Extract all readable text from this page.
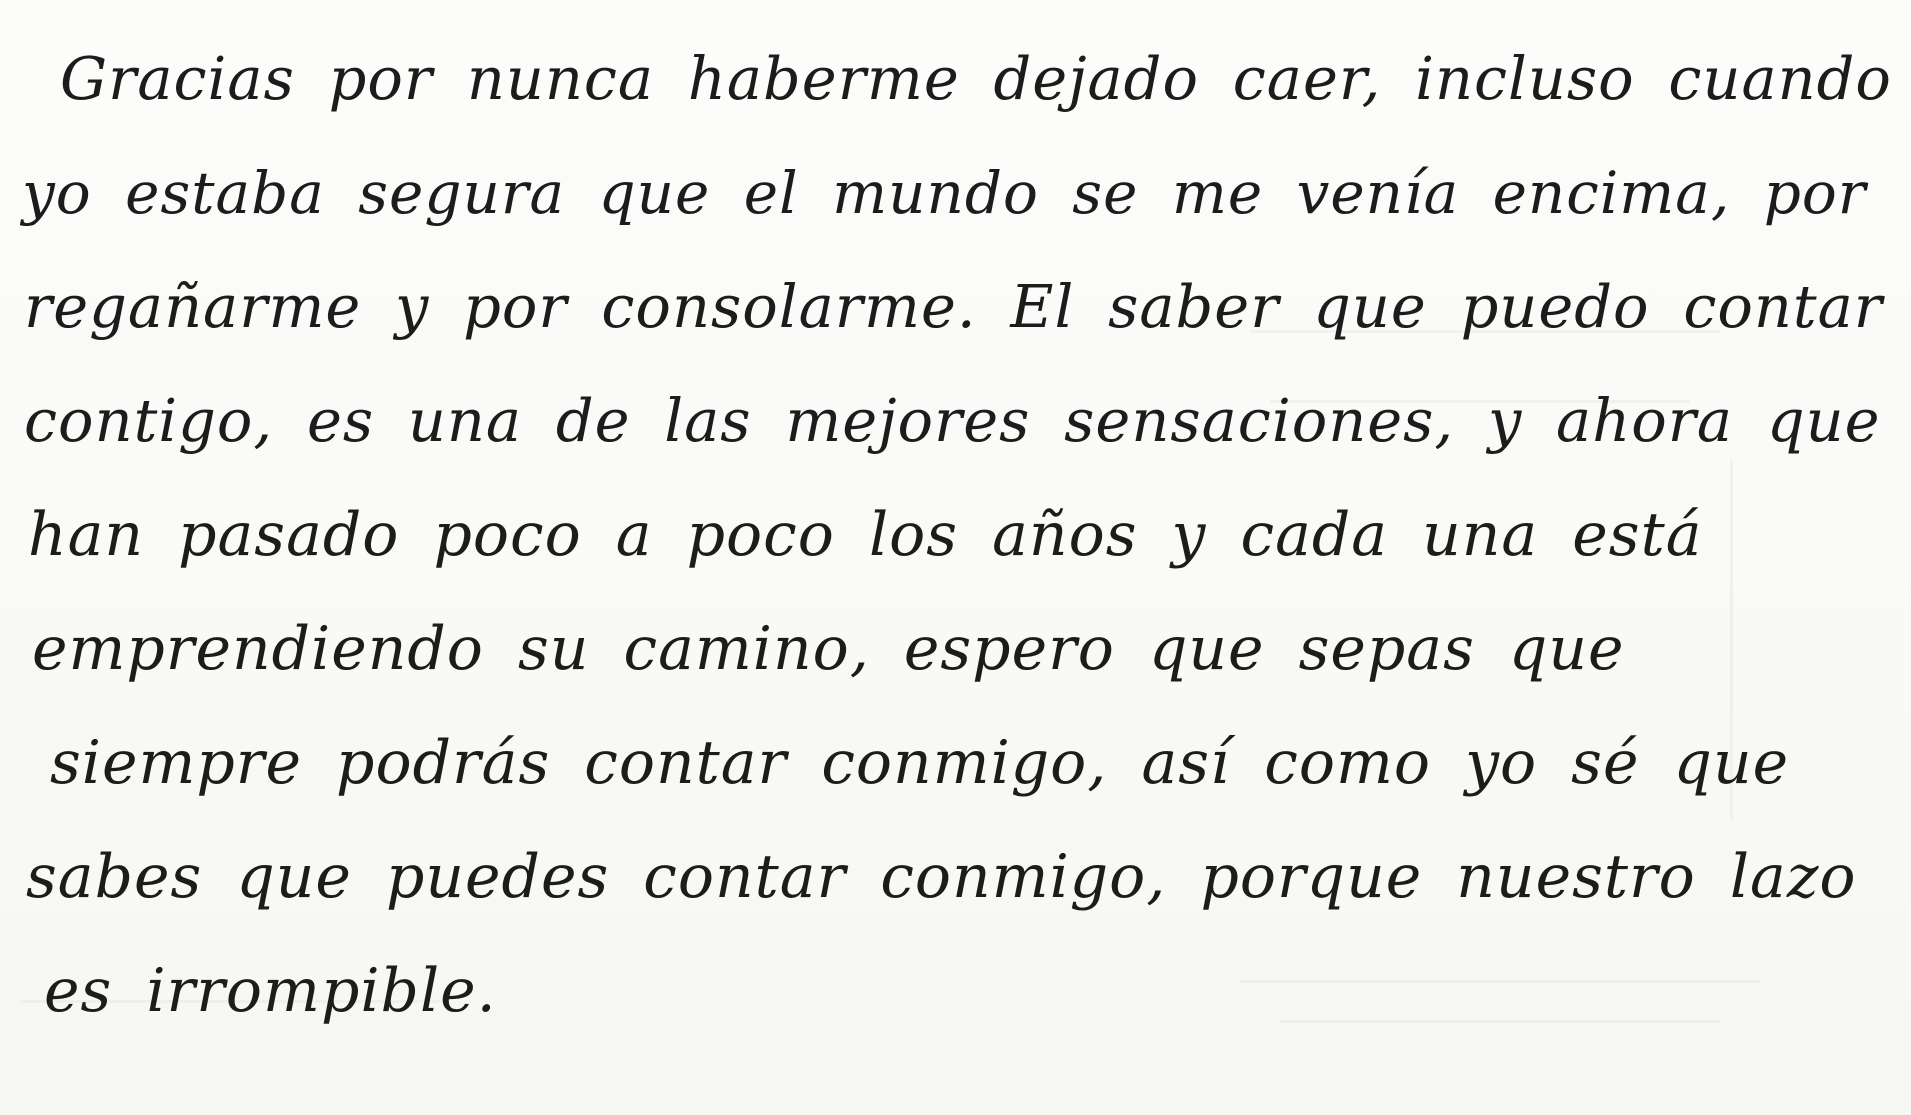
Gracias por nunca haberme dejado caer, incluso cuando
yo estaba segura que el mundo se me venía encima, por
regañarme y por consolarme. El saber que puedo contar
contigo, es una de las mejores sensaciones, y ahora que
han pasado poco a poco los años y cada una está
emprendiendo su camino, espero que sepas que
siempre podrás contar conmigo, así como yo sé que
sabes que puedes contar conmigo, porque nuestro lazo
es irrompible.
